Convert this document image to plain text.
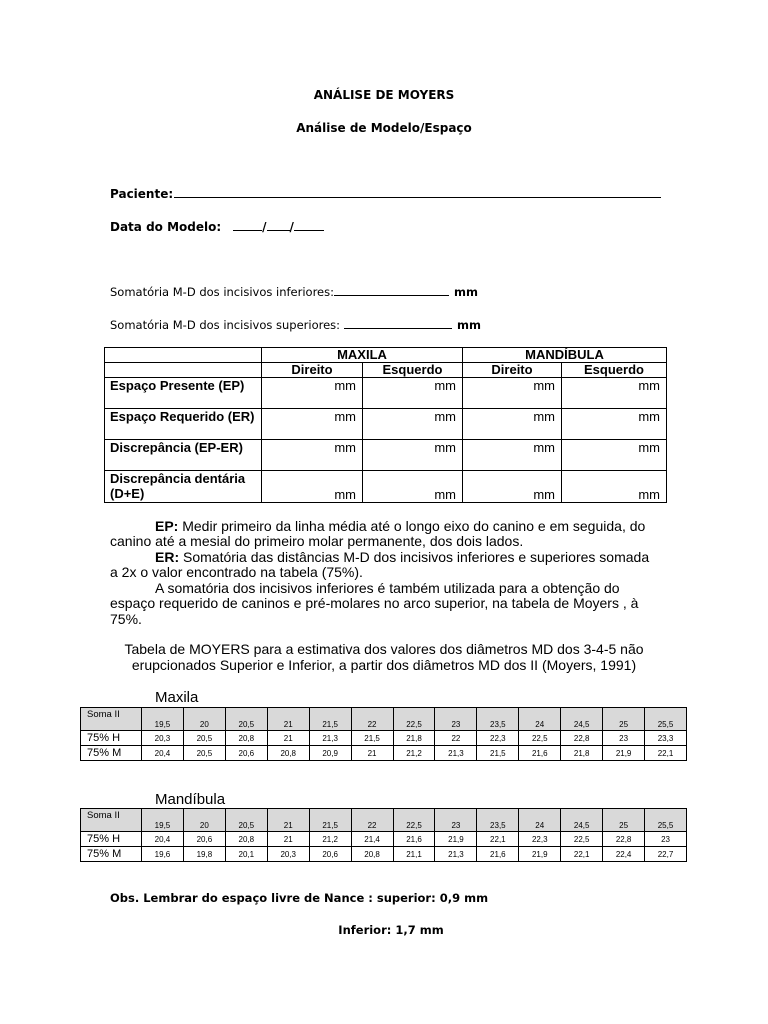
ANÁLISE DE MOYERS
Análise de Modelo/Espaço
Paciente:
Data do Modelo:	/ /
Somatória M-D dos incisivos inferiores:	mm
Somatória M-D dos incisivos superiores:	mm
	MAXILA		MANDÍBULA	
	Direito	Esquerdo	Direito	Esquerdo
Espaço Presente (EP)	mm	mm	mm	mm
Espaço Requerido (ER)	mm	mm	mm	mm
Discrepância (EP-ER)	mm	mm	mm	mm
Discrepância dentária (D+E)	mm	mm	mm	mm
EP: Medir primeiro da linha média até o longo eixo do canino e em seguida, do canino até a mesial do primeiro molar permanente, dos dois lados.
ER: Somatória das distâncias M-D dos incisivos inferiores e superiores somada a 2x o valor encontrado na tabela (75%).
A somatória dos incisivos inferiores é também utilizada para a obtenção do espaço requerido de caninos e pré-molares no arco superior, na tabela de Moyers , à 75%.
Tabela de MOYERS para a estimativa dos valores dos diâmetros MD dos 3-4-5 não erupcionados Superior e Inferior, a partir dos diâmetros MD dos II (Moyers, 1991)
Maxila
Soma II	19,5	20	20,5	21	21,5	22	22,5	23	23,5	24	24,5	25	25,5
75% H	20,3	20,5	20,8	21	21,3	21,5	21,8	22	22,3	22,5	22,8	23	23,3
75% M	20,4	20,5	20,6	20,8	20,9	21	21,2	21,3	21,5	21,6	21,8	21,9	22,1
Mandíbula
Soma II	19,5	20	20,5	21	21,5	22	22,5	23	23,5	24	24,5	25	25,5
75% H	20,4	20,6	20,8	21	21,2	21,4	21,6	21,9	22,1	22,3	22,5	22,8	23
75% M	19,6	19,8	20,1	20,3	20,6	20,8	21,1	21,3	21,6	21,9	22,1	22,4	22,7
Obs. Lembrar do espaço livre de Nance : superior: 0,9 mm
Inferior: 1,7 mm
